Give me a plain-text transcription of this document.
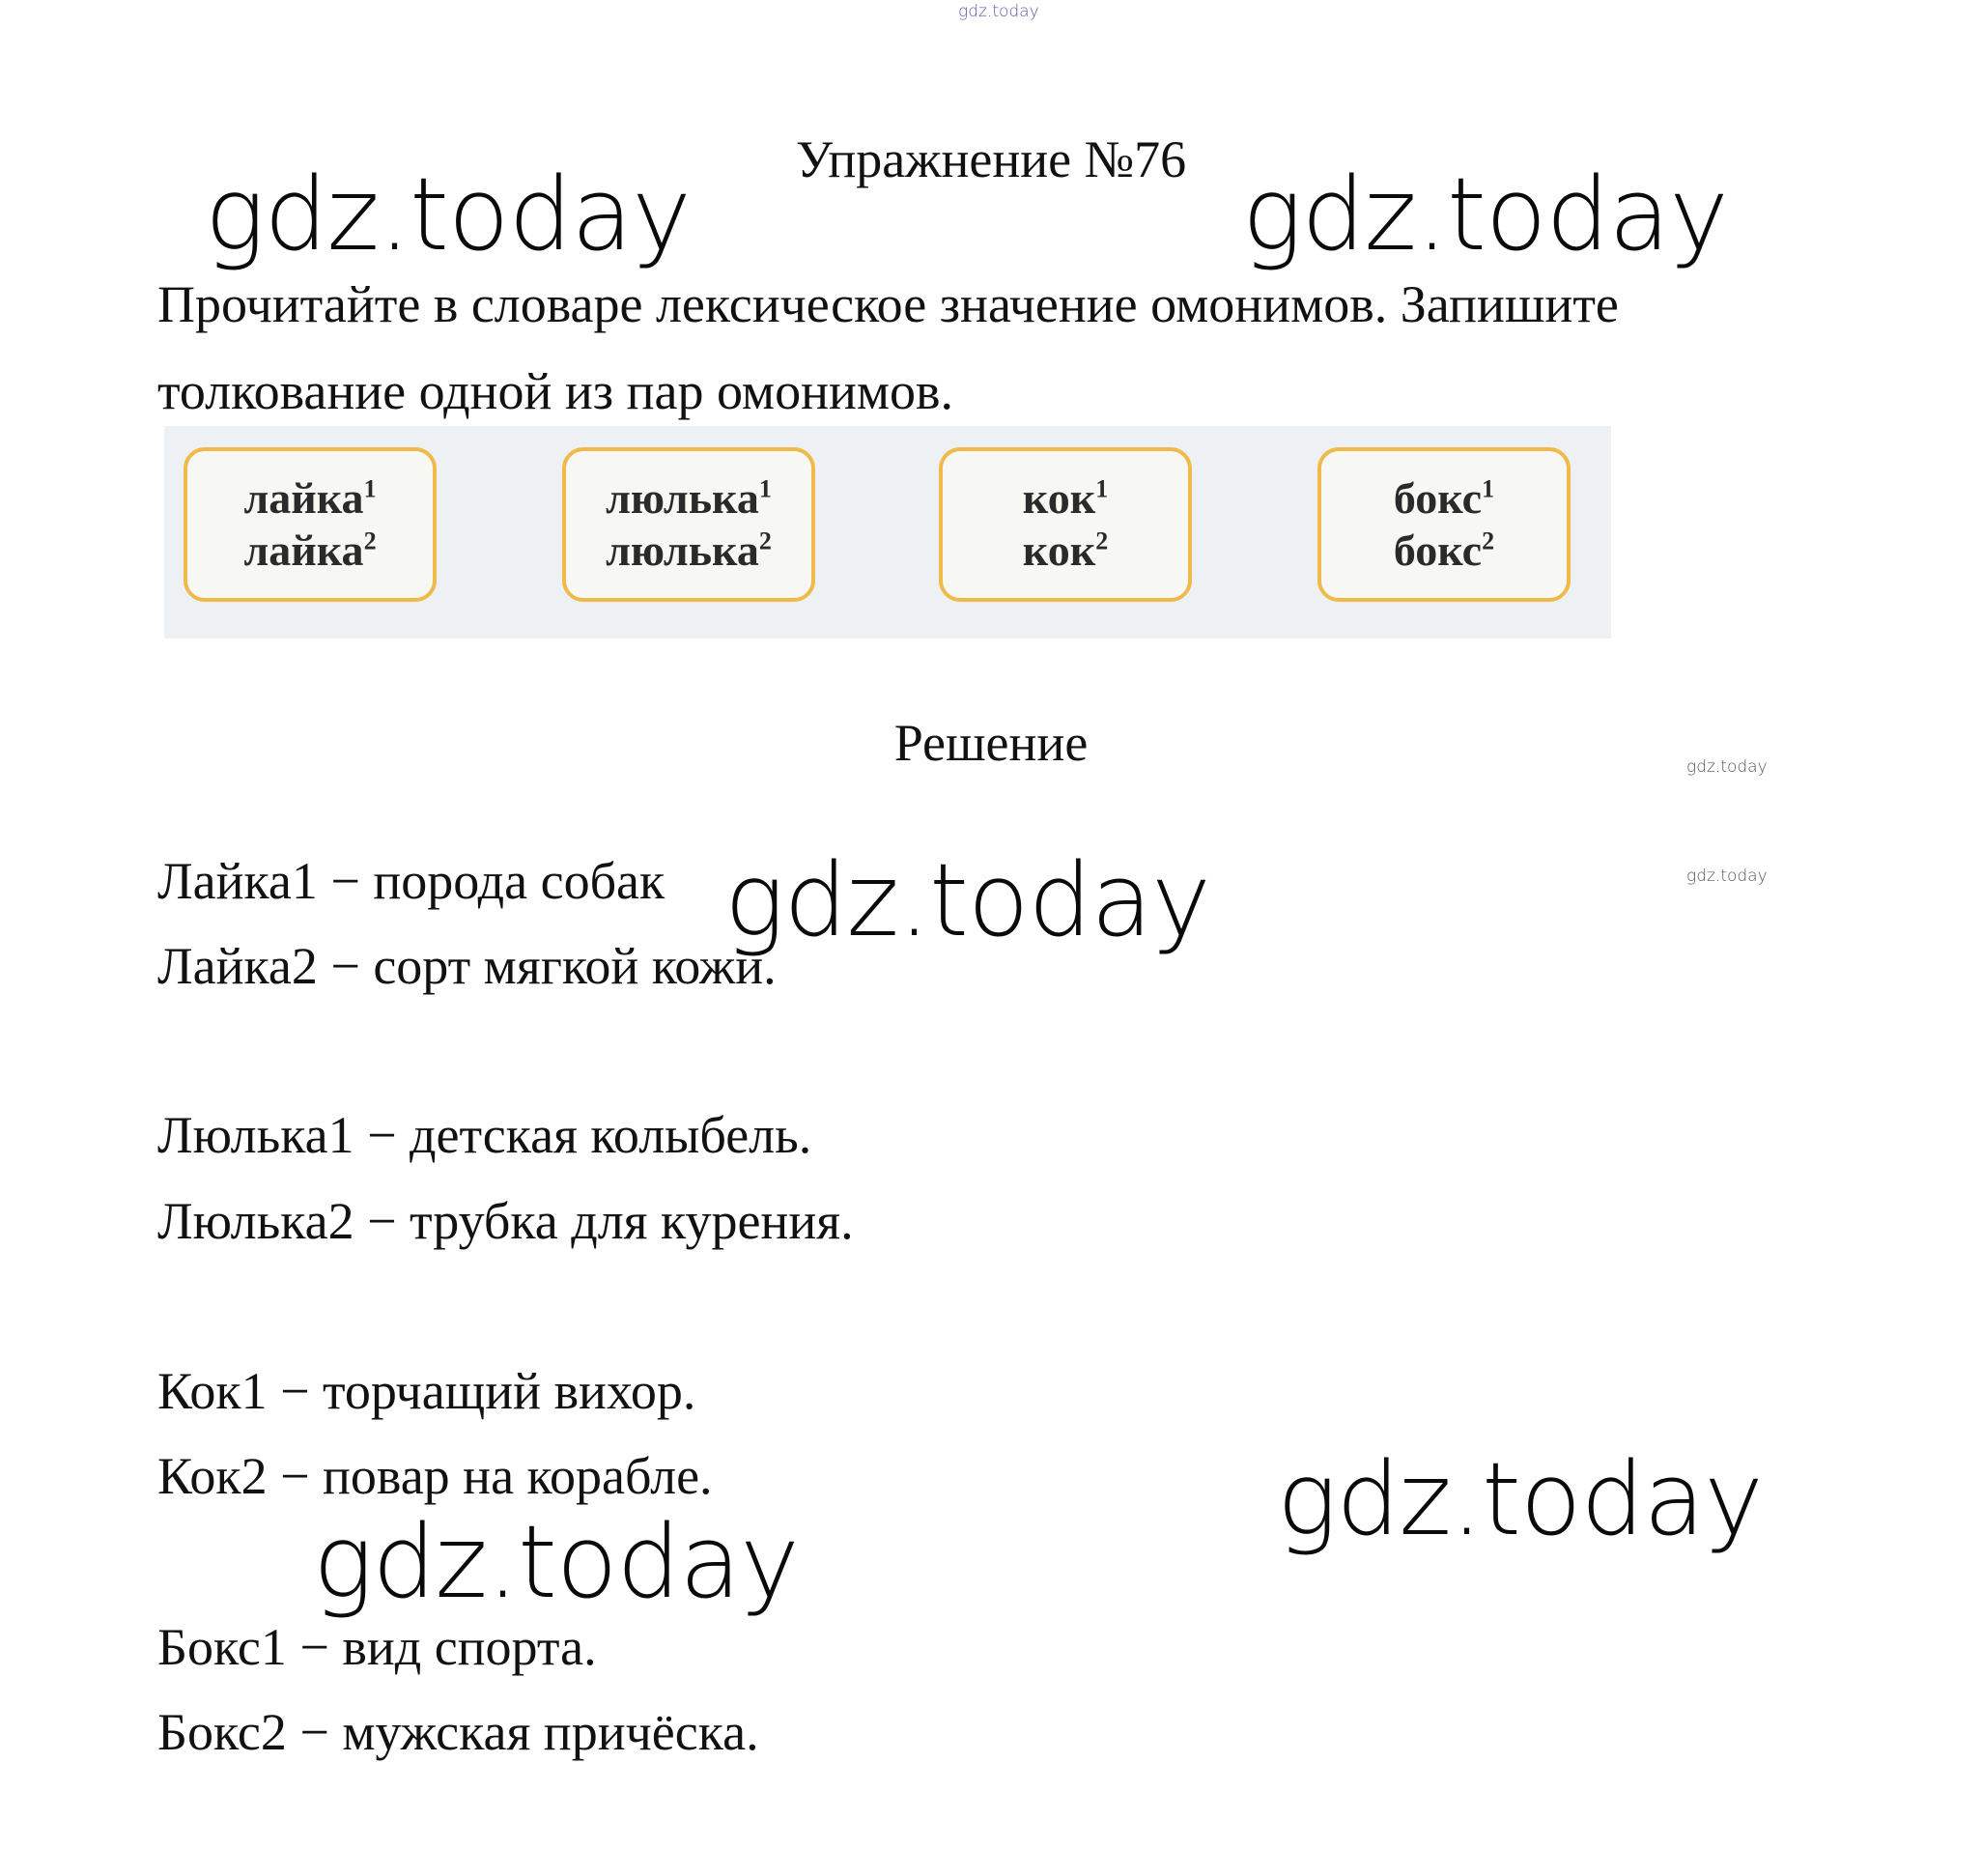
gdz.today
gdz.today	gdz.today
gdz.today
gdz.today
gdz.today
gdz.today
gdz.today
Упражнение №76

Прочитайте в словаре лексическое значение омонимов. Запишите

толкование одной из пар омонимов.

лайка$^1$
лайка$^2$
люлька$^1$
люлька$^2$
кок$^1$
кок$^2$
бокс$^1$
бокс$^2$
Решение
Лайка1 − порода собак
Лайка2 − сорт мягкой кожи.
Люлька1 − детская колыбель.
Люлька2 − трубка для курения.
Кок1 − торчащий вихор.
Кок2 − повар на корабле.
Бокс1 − вид спорта.
Бокс2 − мужская причёска.
